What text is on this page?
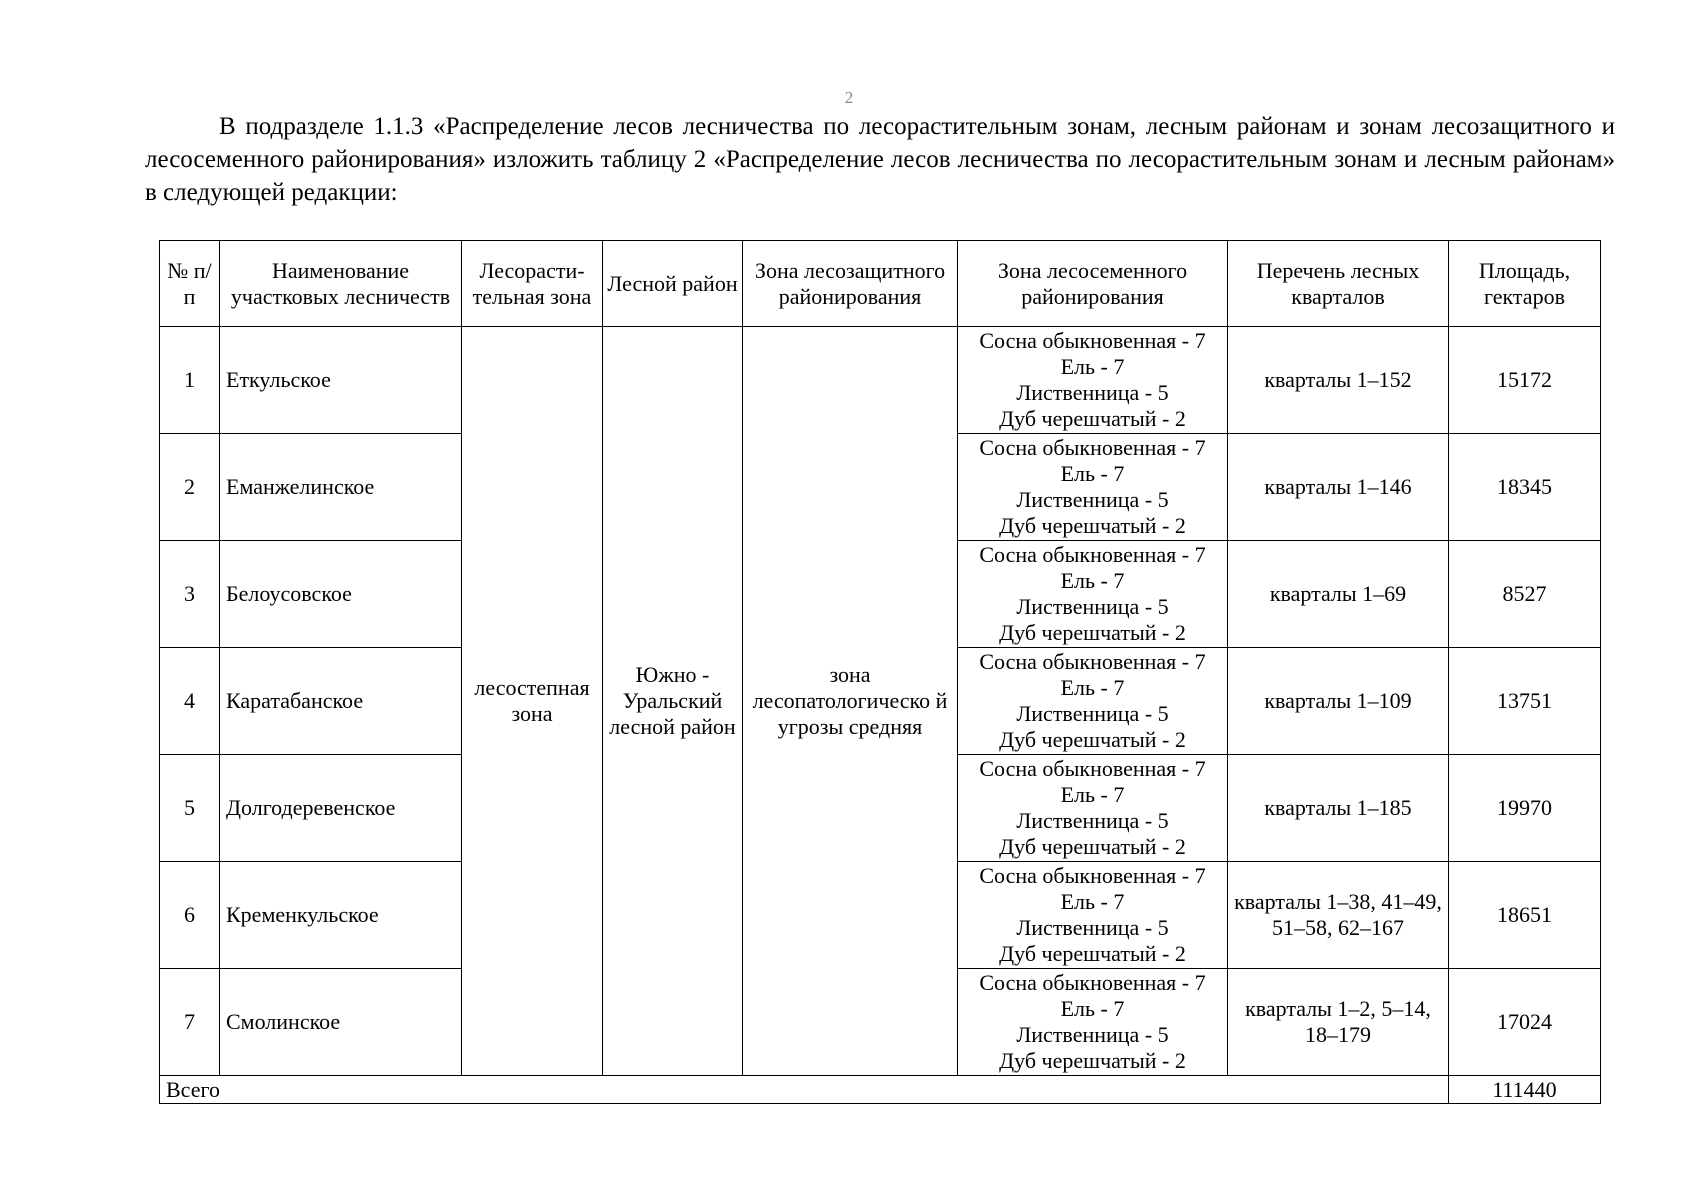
2

В подразделе 1.1.3 «Распределение лесов лесничества по лесорастительным зонам, лесным районам и зонам лесозащитного и лесосеменного районирования» изложить таблицу 2 «Распределение лесов лесничества по лесорастительным зонам и лесным районам» в следующей редакции:

№ п/п	Наименование участковых лесничеств	Лесорасти-тельная зона	Лесной район	Зона лесозащитного районирования	Зона лесосеменного районирования	Перечень лесных кварталов	Площадь, гектаров
1	Еткульское	лесостепная зона	Южно - Уральский лесной район	зона лесопатологическо й угрозы средняя	Сосна обыкновенная - 7
Ель - 7
Лиственница - 5
Дуб черешчатый - 2	кварталы 1–152	15172
2	Еманжелинское				Сосна обыкновенная - 7
Ель - 7
Лиственница - 5
Дуб черешчатый - 2	кварталы 1–146	18345
3	Белоусовское				Сосна обыкновенная - 7
Ель - 7
Лиственница - 5
Дуб черешчатый - 2	кварталы 1–69	8527
4	Каратабанское				Сосна обыкновенная - 7
Ель - 7
Лиственница - 5
Дуб черешчатый - 2	кварталы 1–109	13751
5	Долгодеревенское				Сосна обыкновенная - 7
Ель - 7
Лиственница - 5
Дуб черешчатый - 2	кварталы 1–185	19970
6	Кременкульское				Сосна обыкновенная - 7
Ель - 7
Лиственница - 5
Дуб черешчатый - 2	кварталы 1–38, 41–49, 51–58, 62–167	18651
7	Смолинское				Сосна обыкновенная - 7
Ель - 7
Лиственница - 5
Дуб черешчатый - 2	кварталы 1–2, 5–14, 18–179	17024
Всего							111440
